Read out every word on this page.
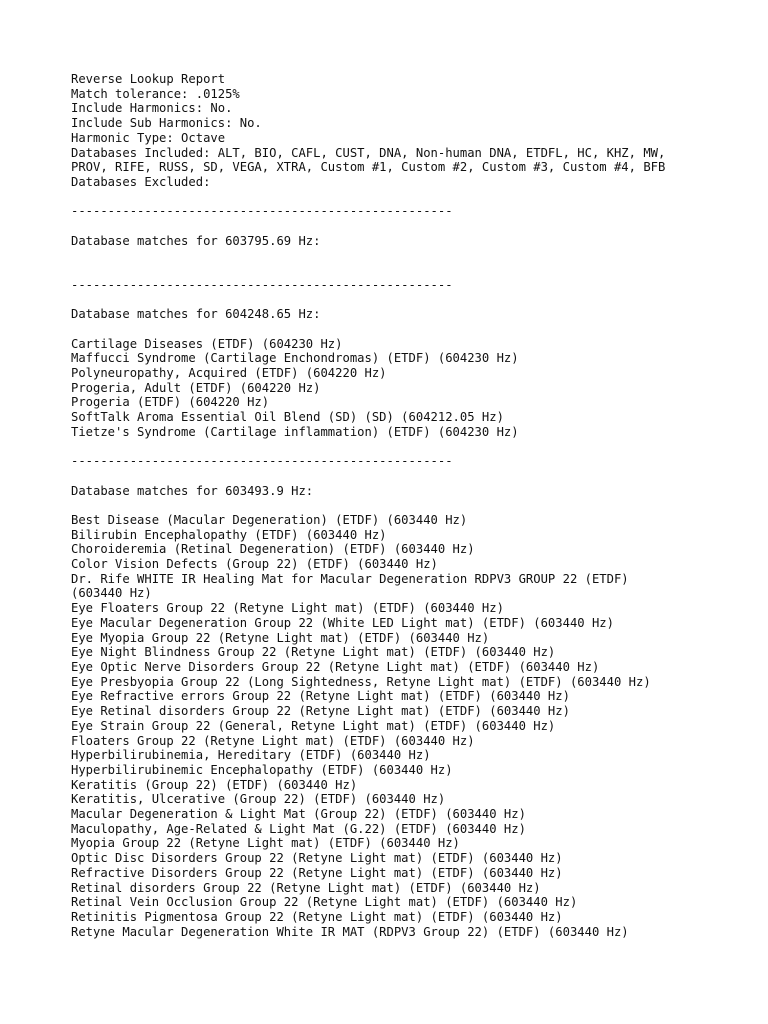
Reverse Lookup Report
Match tolerance: .0125%
Include Harmonics: No.
Include Sub Harmonics: No.
Harmonic Type: Octave
Databases Included: ALT, BIO, CAFL, CUST, DNA, Non-human DNA, ETDFL, HC, KHZ, MW,
PROV, RIFE, RUSS, SD, VEGA, XTRA, Custom #1, Custom #2, Custom #3, Custom #4, BFB
Databases Excluded:
----------------------------------------------------
Database matches for 603795.69 Hz:
----------------------------------------------------
Database matches for 604248.65 Hz:
Cartilage Diseases (ETDF) (604230 Hz)
Maffucci Syndrome (Cartilage Enchondromas) (ETDF) (604230 Hz)
Polyneuropathy, Acquired (ETDF) (604220 Hz)
Progeria, Adult (ETDF) (604220 Hz)
Progeria (ETDF) (604220 Hz)
SoftTalk Aroma Essential Oil Blend (SD) (SD) (604212.05 Hz)
Tietze's Syndrome (Cartilage inflammation) (ETDF) (604230 Hz)
----------------------------------------------------
Database matches for 603493.9 Hz:
Best Disease (Macular Degeneration) (ETDF) (603440 Hz)
Bilirubin Encephalopathy (ETDF) (603440 Hz)
Choroideremia (Retinal Degeneration) (ETDF) (603440 Hz)
Color Vision Defects (Group 22) (ETDF) (603440 Hz)
Dr. Rife WHITE IR Healing Mat for Macular Degeneration RDPV3 GROUP 22 (ETDF)
(603440 Hz)
Eye Floaters Group 22 (Retyne Light mat) (ETDF) (603440 Hz)
Eye Macular Degeneration Group 22 (White LED Light mat) (ETDF) (603440 Hz)
Eye Myopia Group 22 (Retyne Light mat) (ETDF) (603440 Hz)
Eye Night Blindness Group 22 (Retyne Light mat) (ETDF) (603440 Hz)
Eye Optic Nerve Disorders Group 22 (Retyne Light mat) (ETDF) (603440 Hz)
Eye Presbyopia Group 22 (Long Sightedness, Retyne Light mat) (ETDF) (603440 Hz)
Eye Refractive errors Group 22 (Retyne Light mat) (ETDF) (603440 Hz)
Eye Retinal disorders Group 22 (Retyne Light mat) (ETDF) (603440 Hz)
Eye Strain Group 22 (General, Retyne Light mat) (ETDF) (603440 Hz)
Floaters Group 22 (Retyne Light mat) (ETDF) (603440 Hz)
Hyperbilirubinemia, Hereditary (ETDF) (603440 Hz)
Hyperbilirubinemic Encephalopathy (ETDF) (603440 Hz)
Keratitis (Group 22) (ETDF) (603440 Hz)
Keratitis, Ulcerative (Group 22) (ETDF) (603440 Hz)
Macular Degeneration & Light Mat (Group 22) (ETDF) (603440 Hz)
Maculopathy, Age-Related & Light Mat (G.22) (ETDF) (603440 Hz)
Myopia Group 22 (Retyne Light mat) (ETDF) (603440 Hz)
Optic Disc Disorders Group 22 (Retyne Light mat) (ETDF) (603440 Hz)
Refractive Disorders Group 22 (Retyne Light mat) (ETDF) (603440 Hz)
Retinal disorders Group 22 (Retyne Light mat) (ETDF) (603440 Hz)
Retinal Vein Occlusion Group 22 (Retyne Light mat) (ETDF) (603440 Hz)
Retinitis Pigmentosa Group 22 (Retyne Light mat) (ETDF) (603440 Hz)
Retyne Macular Degeneration White IR MAT (RDPV3 Group 22) (ETDF) (603440 Hz)
